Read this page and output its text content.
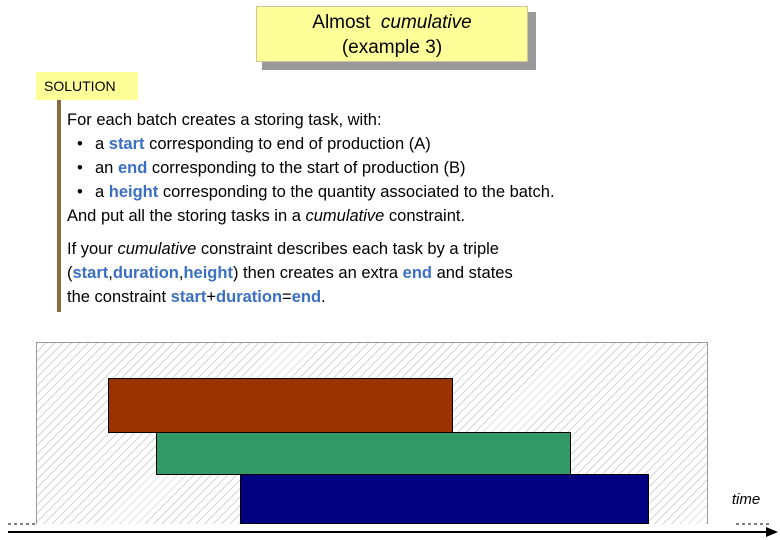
Almost cumulative
(example 3)
SOLUTION
For each batch creates a storing task, with:
• a start corresponding to end of production (A)
• an end corresponding to the start of production (B)
• a height corresponding to the quantity associated to the batch.
And put all the storing tasks in a cumulative constraint.
If your cumulative constraint describes each task by a triple
(start,duration,height) then creates an extra end and states
the constraint start+duration=end.
time
